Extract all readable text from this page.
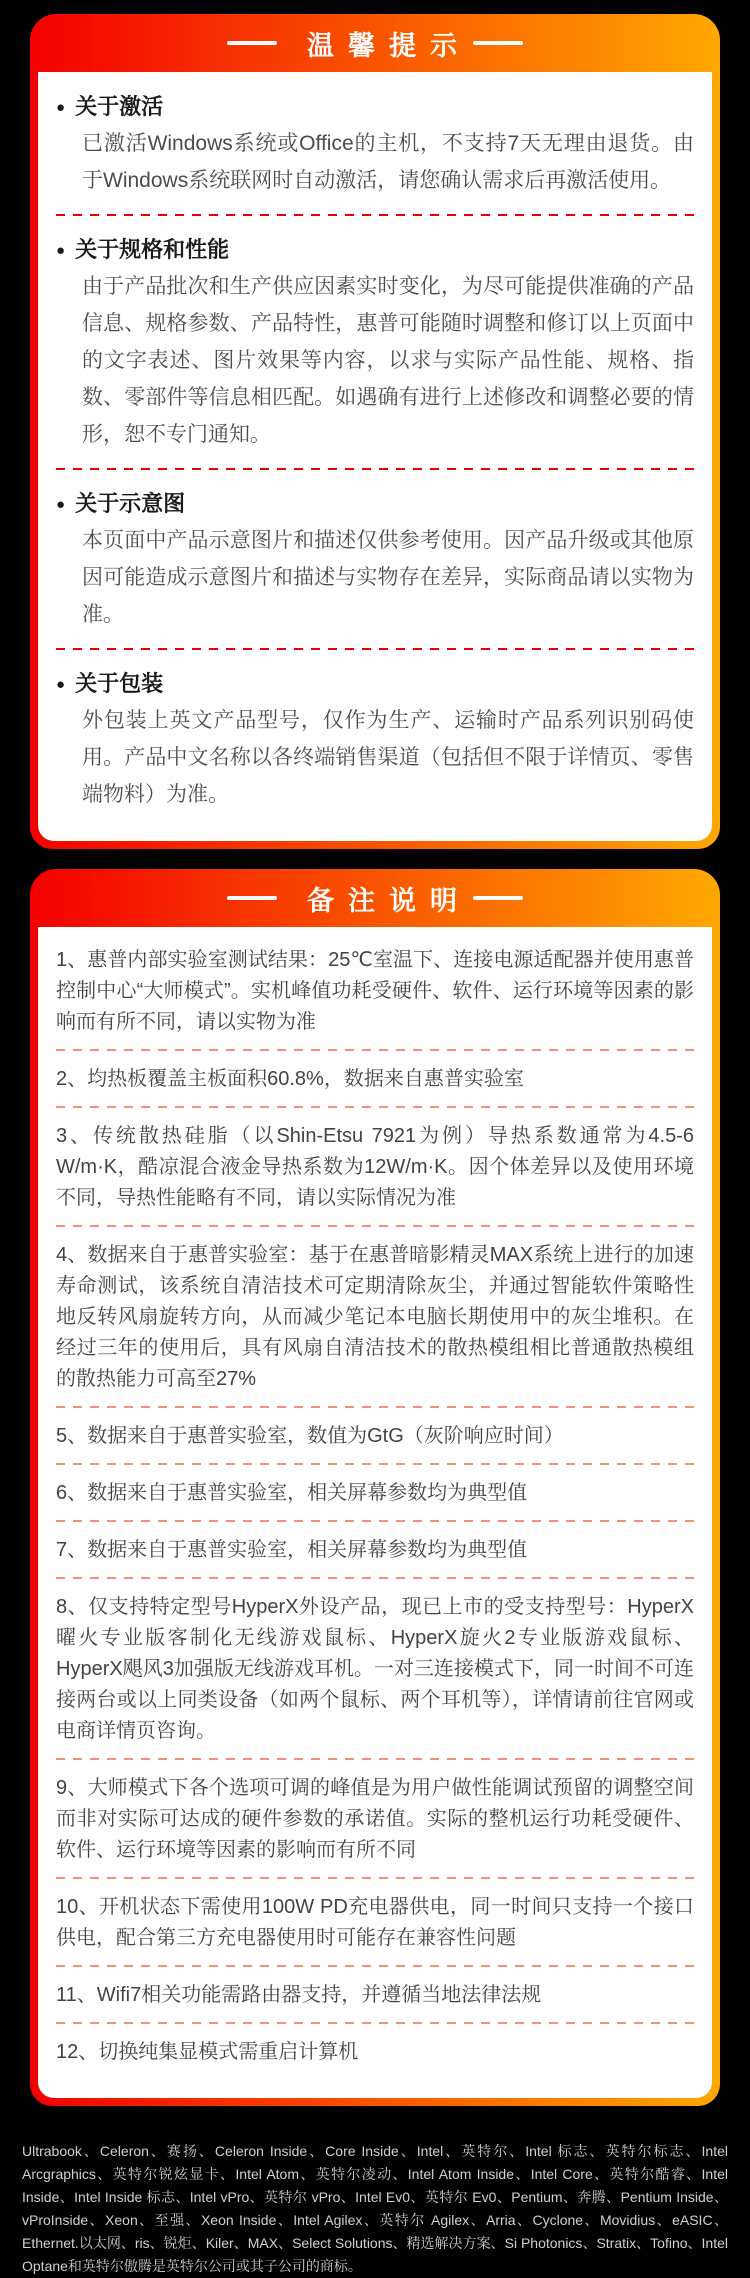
温馨提示
● 关于激活

已激活Windows系统或Office的主机，不支持7天无理由退货。由于Windows系统联网时自动激活，请您确认需求后再激活使用。

● 关于规格和性能

由于产品批次和生产供应因素实时变化，为尽可能提供准确的产品信息、规格参数、产品特性，惠普可能随时调整和修订以上页面中的文字表述、图片效果等内容，以求与实际产品性能、规格、指数、零部件等信息相匹配。如遇确有进行上述修改和调整必要的情形，恕不专门通知。

● 关于示意图

本页面中产品示意图片和描述仅供参考使用。因产品升级或其他原因可能造成示意图片和描述与实物存在差异，实际商品请以实物为准。

● 关于包装

外包装上英文产品型号，仅作为生产、运输时产品系列识别码使用。产品中文名称以各终端销售渠道（包括但不限于详情页、零售端物料）为准。

备注说明

1、惠普内部实验室测试结果：25℃室温下、连接电源适配器并使用惠普控制中心“大师模式”。实机峰值功耗受硬件、软件、运行环境等因素的影响而有所不同，请以实物为准

2、均热板覆盖主板面积60.8%，数据来自惠普实验室

3、传统散热硅脂（以Shin-Etsu 7921为例）导热系数通常为4.5-6 W/m·K，酷凉混合液金导热系数为12W/m·K。因个体差异以及使用环境不同，导热性能略有不同，请以实际情况为准

4、数据来自于惠普实验室：基于在惠普暗影精灵MAX系统上进行的加速寿命测试，该系统自清洁技术可定期清除灰尘，并通过智能软件策略性地反转风扇旋转方向，从而减少笔记本电脑长期使用中的灰尘堆积。在经过三年的使用后，具有风扇自清洁技术的散热模组相比普通散热模组的散热能力可高至27%

5、数据来自于惠普实验室，数值为GtG（灰阶响应时间）

6、数据来自于惠普实验室，相关屏幕参数均为典型值

7、数据来自于惠普实验室，相关屏幕参数均为典型值

8、仅支持特定型号HyperX外设产品，现已上市的受支持型号：HyperX曜火专业版客制化无线游戏鼠标、HyperX旋火2专业版游戏鼠标、HyperX飓风3加强版无线游戏耳机。一对三连接模式下，同一时间不可连接两台或以上同类设备（如两个鼠标、两个耳机等），详情请前往官网或电商详情页咨询。

9、大师模式下各个选项可调的峰值是为用户做性能调试预留的调整空间而非对实际可达成的硬件参数的承诺值。实际的整机运行功耗受硬件、软件、运行环境等因素的影响而有所不同

10、开机状态下需使用100W PD充电器供电，同一时间只支持一个接口供电，配合第三方充电器使用时可能存在兼容性问题

11、Wifi7相关功能需路由器支持，并遵循当地法律法规

12、切换纯集显模式需重启计算机

Ultrabook、Celeron、赛扬、Celeron Inside、Core Inside、Intel、英特尔、Intel 标志、英特尔标志、Intel Arcgraphics、英特尔锐炫显卡、Intel Atom、英特尔凌动、Intel Atom Inside、Intel Core、英特尔酷睿、Intel Inside、Intel Inside 标志、Intel vPro、英特尔 vPro、Intel Ev0、英特尔 Ev0、Pentium、奔腾、Pentium Inside、vProInside、Xeon、至强、Xeon Inside、Intel Agilex、英特尔 Agilex、Arria、Cyclone、Movidius、eASIC、Ethernet.以太网、ris、锐炬、Kiler、MAX、Select Solutions、精选解决方案、Si Photonics、Stratix、Tofino、Intel Optane和英特尔傲腾是英特尔公司或其子公司的商标。
